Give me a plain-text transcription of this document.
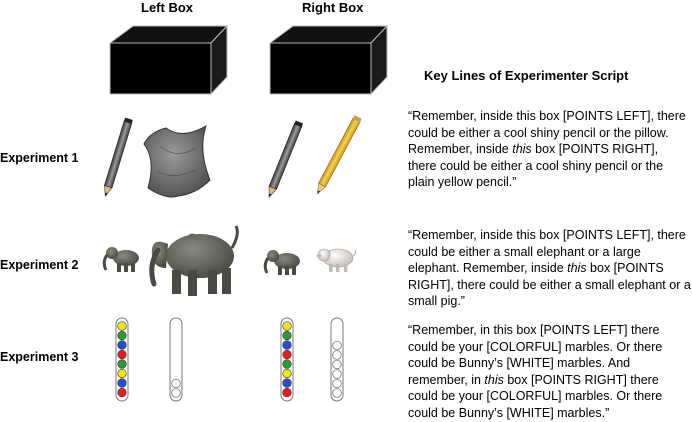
Left Box	Right Box
Key Lines of Experimenter Script
Experiment 1
Experiment 2
Experiment 3
“Remember, inside this box [POINTS LEFT], there could be either a cool shiny pencil or the pillow. Remember, inside this box [POINTS RIGHT], there could be either a cool shiny pencil or the plain yellow pencil.”
“Remember, inside this box [POINTS LEFT], there could be either a small elephant or a large elephant. Remember, inside this box [POINTS RIGHT], there could be either a small elephant or a small pig.”
“Remember, in this box [POINTS LEFT] there could be your [COLORFUL] marbles. Or there could be Bunny’s [WHITE] marbles. And remember, in this box [POINTS RIGHT] there could be your [COLORFUL] marbles. Or there could be Bunny’s [WHITE] marbles.”
